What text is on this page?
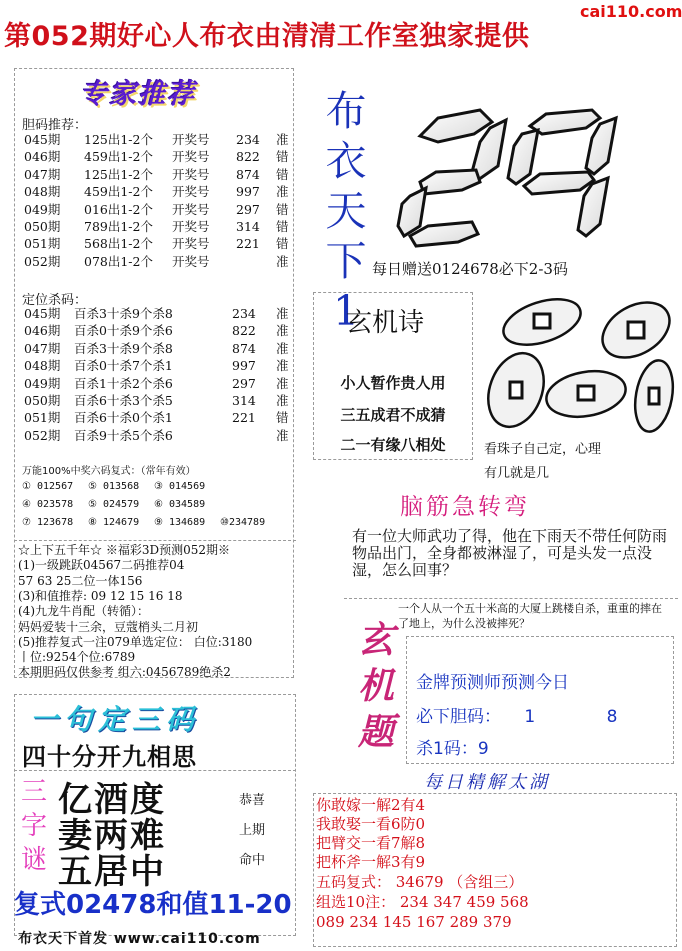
第052期好心人布衣由清清工作室独家提供
cai110.com
专家推荐
胆码推荐：
045期 125出1-2个 开奖号 234 准
046期 459出1-2个 开奖号 822 错
047期 125出1-2个 开奖号 874 错
048期 459出1-2个 开奖号 997 准
049期 016出1-2个 开奖号 297 错
050期 789出1-2个 开奖号 314 错
051期 568出1-2个 开奖号 221 错
052期 078出1-2个 开奖号	准
定位杀码：
045期 百杀3十杀9个杀8	234 准
046期 百杀0十杀9个杀6	822 准
047期 百杀3十杀9个杀8	874 准
048期 百杀0十杀7个杀1	997 准
049期 百杀1十杀2个杀6	297 准
050期 百杀6十杀3个杀5	314 准
051期 百杀6十杀0个杀1	221 错
052期 百杀9十杀5个杀6	准
万能100%中奖六码复式：（常年有效）
① 012567 ⑤ 013568 ③ 014569
④ 023578 ⑤ 024579 ⑥ 034589
⑦ 123678 ⑧ 124679 ⑨ 134689 ⑩234789
☆上下五千年☆ ※福彩3D预测052期※
(1)一级跳跃04567二码推荐04
57 63 25二位一体156
(3)和值推荐: 09 12 15 16 18
(4)九龙牛肖配（转循）：
妈妈爱装十三余，豆蔻梢头二月初
(5)推荐复式一注079单选定位： 白位:3180
丨位:9254个位:6789
本期胆码仅供参考 组六:0456789绝杀2
布
衣
天
下
1
每日赠送0124678必下2-3码
玄机诗
小人暂作贵人用
三五成君不成猜
二一有缘八相处	看珠子自己定，心理
有几就是几
脑筋急转弯
有一位大师武功了得，他在下雨天不带任何防雨物品出门，全身都被淋湿了，可是头发一点没湿，怎么回事？
玄
机
题
一个人从一个五十米高的大厦上跳楼自杀，重重的摔在了地上，为什么没被摔死？
金牌预测师预测今日
必下胆码： 1	8
杀1码：9
每日精解太湖
你敢嫁一解2有4
我敢娶一看6防0
把臂交一看7解8
把杯斧一解3有9
五码复式： 34679 （含组三）
组选10注： 234 347 459 568
089 234 145 167 289 379
一句定三码
四十分开九相思
三
字
谜
亿酒度
妻两难
五居中
恭喜
上期
命中
复式02478和值11-20
布衣天下首发 www.cai110.com
